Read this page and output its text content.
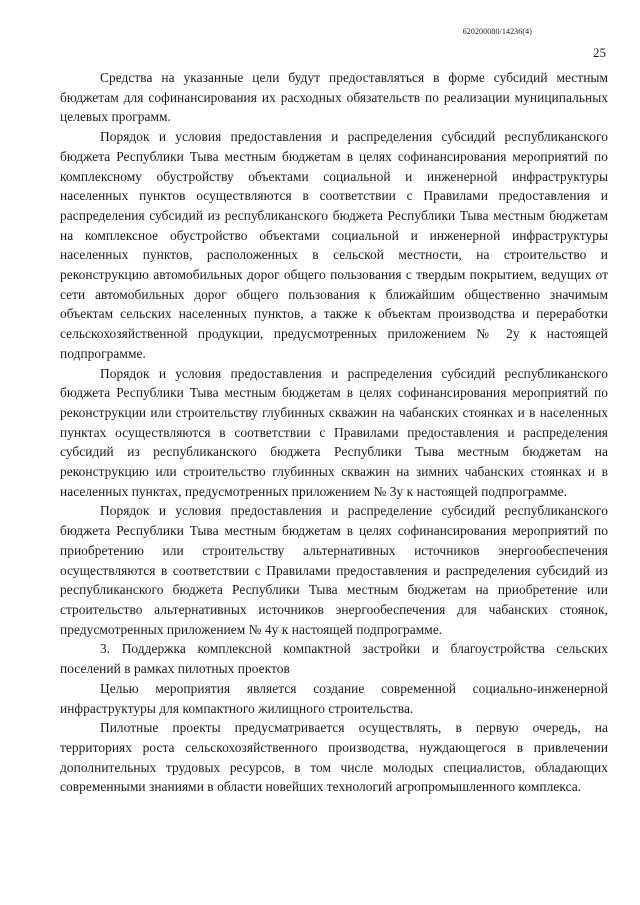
620200080/14236(4)
25

Средства на указанные цели будут предоставляться в форме субсидий местным бюджетам для софинансирования их расходных обязательств по реализации муниципальных целевых программ.

Порядок и условия предоставления и распределения субсидий республиканского бюджета Республики Тыва местным бюджетам в целях софинансирования мероприятий по комплексному обустройству объектами социальной и инженерной инфраструктуры населенных пунктов осуществляются в соответствии с Правилами предоставления и распределения субсидий из республиканского бюджета Республики Тыва местным бюджетам на комплексное обустройство объектами социальной и инженерной инфраструктуры населенных пунктов, расположенных в сельской местности, на строительство и реконструкцию автомобильных дорог общего пользования с твердым покрытием, ведущих от сети автомобильных дорог общего пользования к ближайшим общественно значимым объектам сельских населенных пунктов, а также к объектам производства и переработки сельскохозяйственной продукции, предусмотренных приложением № 2у к настоящей подпрограмме.

Порядок и условия предоставления и распределения субсидий республиканского бюджета Республики Тыва местным бюджетам в целях софинансирования мероприятий по реконструкции или строительству глубинных скважин на чабанских стоянках и в населенных пунктах осуществляются в соответствии с Правилами предоставления и распределения субсидий из республиканского бюджета Республики Тыва местным бюджетам на реконструкцию или строительство глубинных скважин на зимних чабанских стоянках и в населенных пунктах, предусмотренных приложением № 3у к настоящей подпрограмме.

Порядок и условия предоставления и распределение субсидий республиканского бюджета Республики Тыва местным бюджетам в целях софинансирования мероприятий по приобретению или строительству альтернативных источников энергообеспечения осуществляются в соответствии с Правилами предоставления и распределения субсидий из республиканского бюджета Республики Тыва местным бюджетам на приобретение или строительство альтернативных источников энергообеспечения для чабанских стоянок, предусмотренных приложением № 4у к настоящей подпрограмме.

3. Поддержка комплексной компактной застройки и благоустройства сельских поселений в рамках пилотных проектов

Целью мероприятия является создание современной социально-инженерной инфраструктуры для компактного жилищного строительства.

Пилотные проекты предусматривается осуществлять, в первую очередь, на территориях роста сельскохозяйственного производства, нуждающегося в привлечении дополнительных трудовых ресурсов, в том числе молодых специалистов, обладающих современными знаниями в области новейших технологий агропромышленного комплекса.
